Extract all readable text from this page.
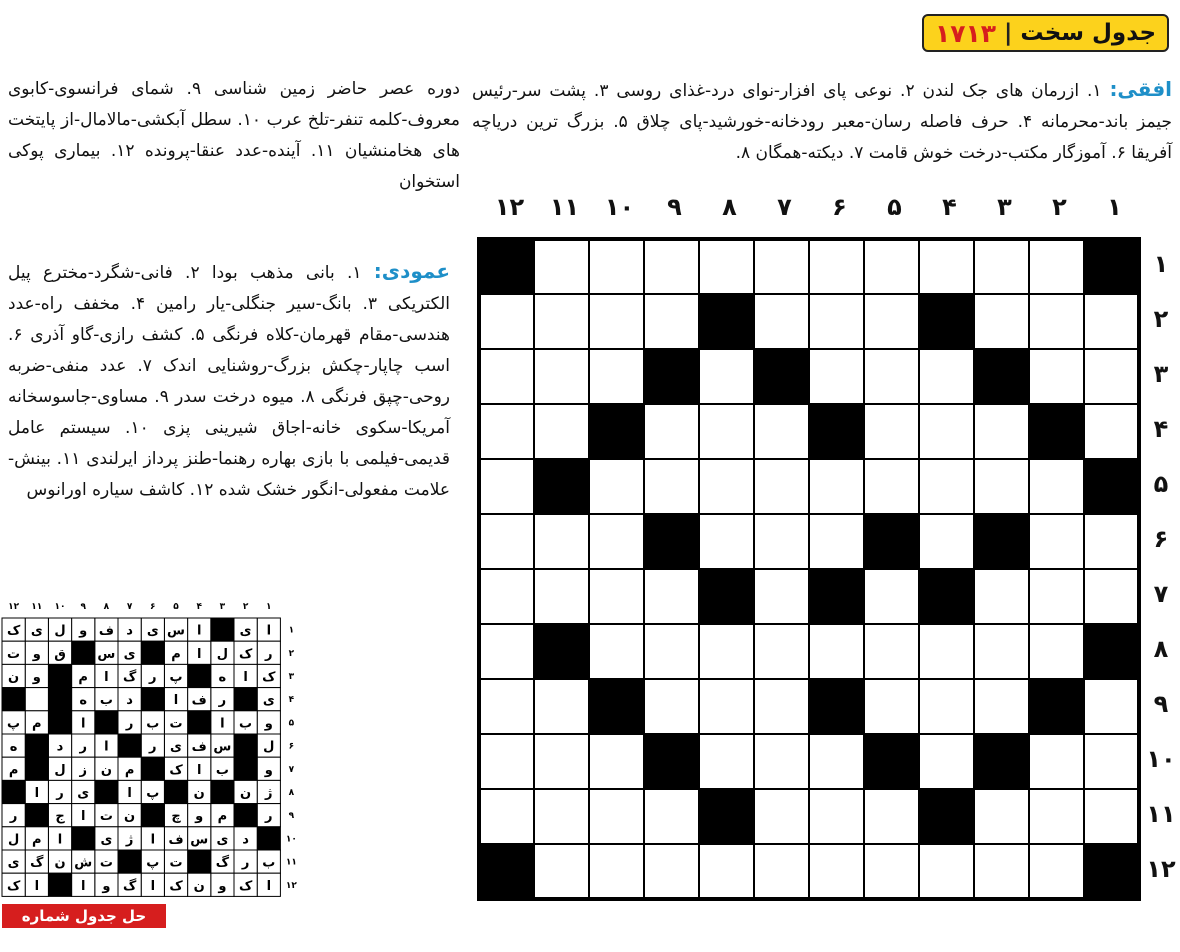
جدول سخت
|
۱۷۱۳
افقی: ۱. ازرمان های جک لندن ۲. نوعی پای افزار-نوای درد-غذای روسی ۳. پشت سر-رئیس جیمز باند-محرمانه ۴. حرف فاصله رسان-معبر رودخانه-خورشید-پای چلاق ۵. بزرگ ترین دریاچه آفریقا ۶. آموزگار مکتب-درخت خوش قامت ۷. دیکته-همگان ۸.
دوره عصر حاضر زمین شناسی ۹. شمای فرانسوی-کابوی معروف-کلمه تنفر-تلخ عرب ۱۰. سطل آبکشی-مالامال-از پایتخت های هخامنشیان ۱۱. آینده-عدد عنقا-پرونده ۱۲. بیماری پوکی استخوان
عمودی: ۱. بانی مذهب بودا ۲. فانی-شگرد-مخترع پیل الکتریکی ۳. بانگ-سیر جنگلی-یار رامین ۴. مخفف راه-عدد هندسی-مقام قهرمان-کلاه فرنگی ۵. کشف رازی-گاو آذری ۶. اسب چاپار-چکش بزرگ-روشنایی اندک ۷. عدد منفی-ضربه روحی-چپق فرنگی ۸. میوه درخت سدر ۹. مساوی-جاسوسخانه آمریکا-سکوی خانه-اجاق شیرینی پزی ۱۰. سیستم عامل قدیمی-فیلمی با بازی بهاره رهنما-طنز پرداز ایرلندی ۱۱. بینش-علامت مفعولی-انگور خشک شده ۱۲. کاشف سیاره اورانوس
۱
۲
۳
۴
۵
۶
۷
۸
۹
۱۰
۱۱
۱۲
۱
۲
۳
۴
۵
۶
۷
۸
۹
۱۰
۱۱
۱۲
۱
۲
۳
۴
۵
۶
۷
۸
۹
۱۰
۱۱
۱۲
۱
ا
ی
ا
س
ی
د
ف
و
ل
ی
ک
۲
ر
ک
ل
ا
م
ی
س
ق
و
ت
۳
ک
ا
ه
پ
ر
گ
ا
م
و
ن
۴
ی
ر
ف
ا
د
ب
ه
۵
و
ب
ا
ت
ب
ر
ا
م
پ
۶
ل
س
ف
ی
ر
ا
ر
د
ه
۷
و
ب
ا
ک
م
ن
ز
ل
م
۸
ژ
ن
ن
پ
ا
ی
ر
ا
۹
ر
م
و
چ
ن
ت
ا
ج
ر
۱۰
د
ی
س
ف
ا
ژ
ی
ا
م
ل
۱۱
ب
ر
گ
ت
پ
ت
ش
ن
گ
ی
۱۲
ا
ک
و
ن
ک
ا
گ
و
ا
ا
ک
حل جدول شماره ۱۷۱۲
